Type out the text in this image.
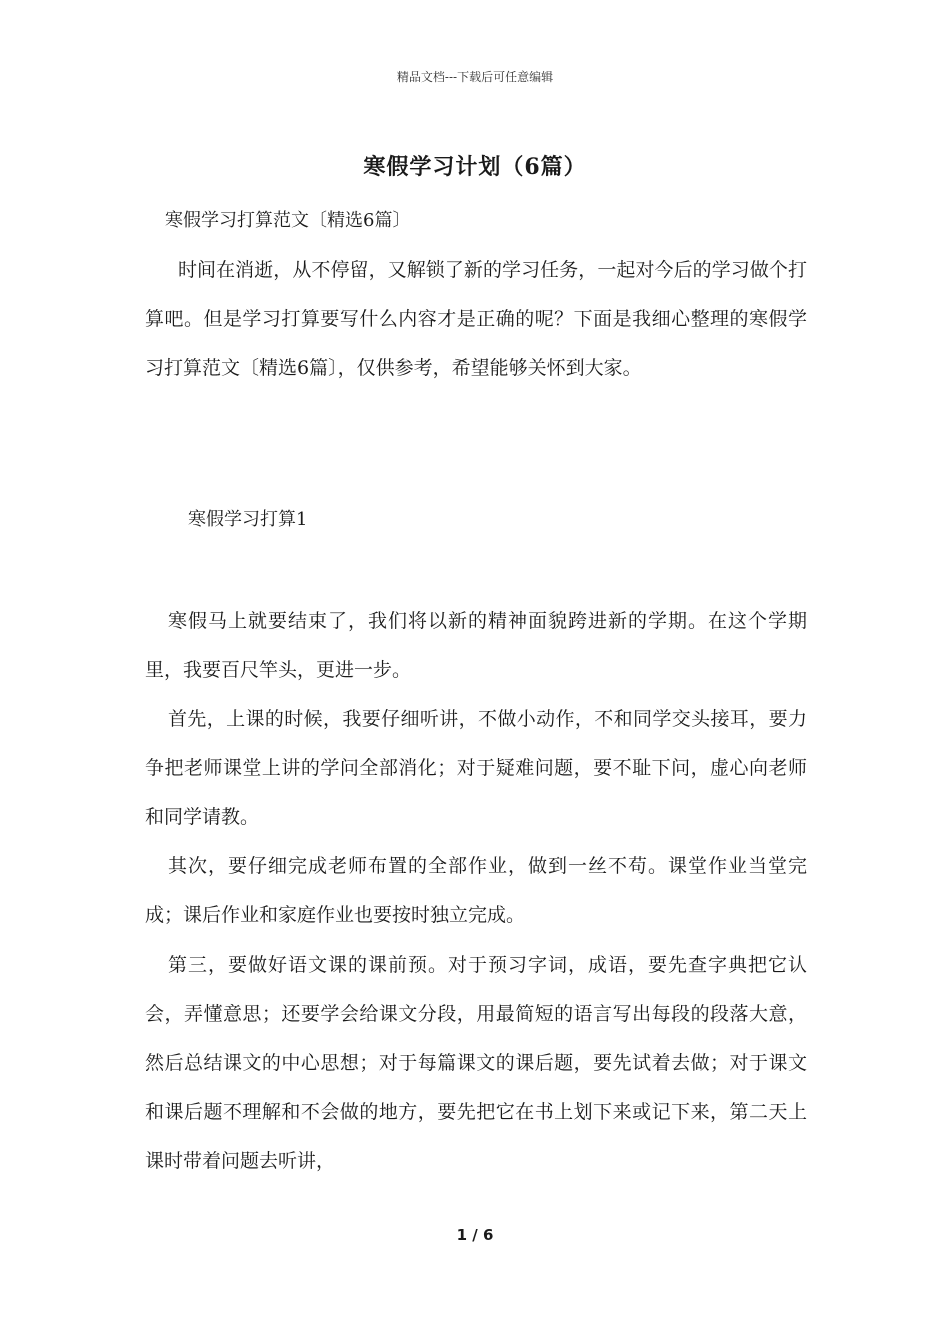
精品文档---下载后可任意编辑
寒假学习计划（6篇）
寒假学习打算范文〔精选6篇〕

时间在消逝，从不停留，又解锁了新的学习任务，一起对今后的学习做个打算吧。但是学习打算要写什么内容才是正确的呢？下面是我细心整理的寒假学习打算范文〔精选6篇〕，仅供参考，希望能够关怀到大家。

寒假学习打算1

寒假马上就要结束了，我们将以新的精神面貌跨进新的学期。在这个学期里，我要百尺竿头，更进一步。

首先，上课的时候，我要仔细听讲，不做小动作，不和同学交头接耳，要力争把老师课堂上讲的学问全部消化；对于疑难问题，要不耻下问，虚心向老师和同学请教。

其次，要仔细完成老师布置的全部作业，做到一丝不苟。课堂作业当堂完成；课后作业和家庭作业也要按时独立完成。

第三，要做好语文课的课前预。对于预习字词，成语，要先查字典把它认会，弄懂意思；还要学会给课文分段，用最简短的语言写出每段的段落大意，然后总结课文的中心思想；对于每篇课文的课后题，要先试着去做；对于课文和课后题不理解和不会做的地方，要先把它在书上划下来或记下来，第二天上课时带着问题去听讲，

1 / 6
